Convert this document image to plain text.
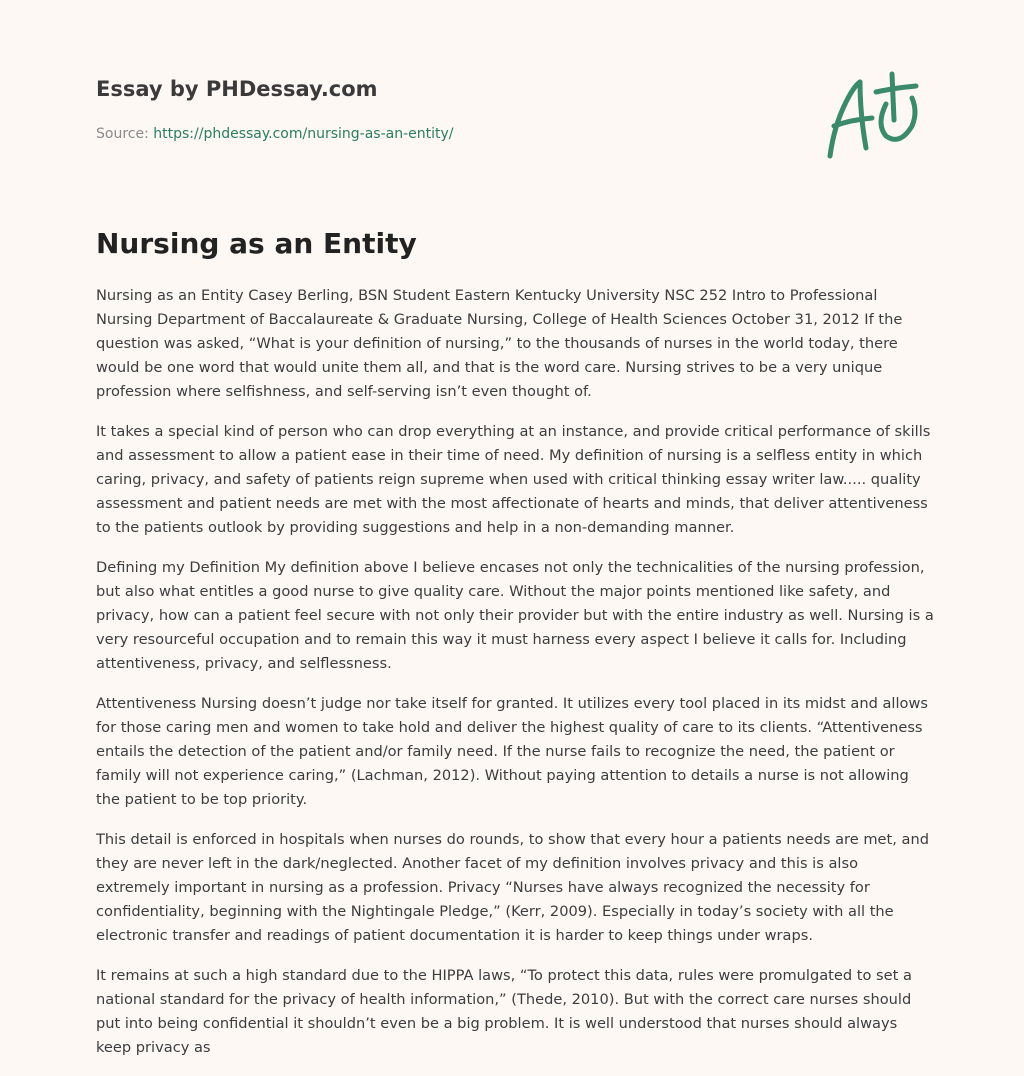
Essay by PHDessay.com
Source: https://phdessay.com/nursing-as-an-entity/
Nursing as an Entity

Nursing as an Entity Casey Berling, BSN Student Eastern Kentucky University NSC 252 Intro to Professional Nursing Department of Baccalaureate & Graduate Nursing, College of Health Sciences October 31, 2012 If the question was asked, “What is your definition of nursing,” to the thousands of nurses in the world today, there would be one word that would unite them all, and that is the word care. Nursing strives to be a very unique profession where selfishness, and self-serving isn’t even thought of.

It takes a special kind of person who can drop everything at an instance, and provide critical performance of skills and assessment to allow a patient ease in their time of need. My definition of nursing is a selfless entity in which caring, privacy, and safety of patients reign supreme when used with critical thinking essay writer law..... quality assessment and patient needs are met with the most affectionate of hearts and minds, that deliver attentiveness to the patients outlook by providing suggestions and help in a non-demanding manner.

Defining my Definition My definition above I believe encases not only the technicalities of the nursing profession, but also what entitles a good nurse to give quality care. Without the major points mentioned like safety, and privacy, how can a patient feel secure with not only their provider but with the entire industry as well. Nursing is a very resourceful occupation and to remain this way it must harness every aspect I believe it calls for. Including attentiveness, privacy, and selflessness.

Attentiveness Nursing doesn’t judge nor take itself for granted. It utilizes every tool placed in its midst and allows for those caring men and women to take hold and deliver the highest quality of care to its clients. “Attentiveness entails the detection of the patient and/or family need. If the nurse fails to recognize the need, the patient or family will not experience caring,” (Lachman, 2012). Without paying attention to details a nurse is not allowing the patient to be top priority.

This detail is enforced in hospitals when nurses do rounds, to show that every hour a patients needs are met, and they are never left in the dark/neglected. Another facet of my definition involves privacy and this is also extremely important in nursing as a profession. Privacy “Nurses have always recognized the necessity for confidentiality, beginning with the Nightingale Pledge,” (Kerr, 2009). Especially in today’s society with all the electronic transfer and readings of patient documentation it is harder to keep things under wraps.

It remains at such a high standard due to the HIPPA laws, “To protect this data, rules were promulgated to set a national standard for the privacy of health information,” (Thede, 2010). But with the correct care nurses should put into being confidential it shouldn’t even be a big problem. It is well understood that nurses should always keep privacy as
